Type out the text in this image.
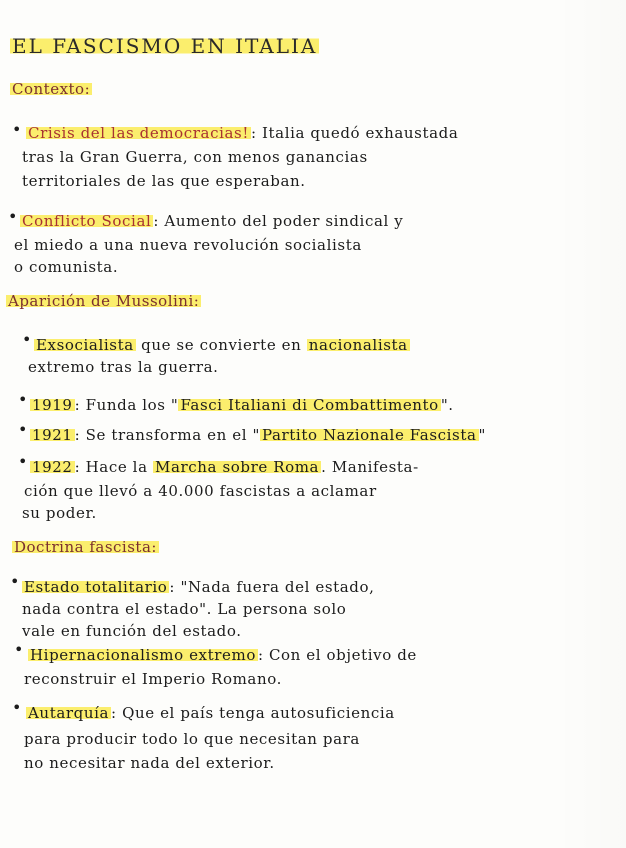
EL FASCISMO EN ITALIA
Contexto:
• Crisis del las democracias! : Italia quedó exhaustada
tras la Gran Guerra, con menos ganancias
territoriales de las que esperaban.
• Conflicto Social : Aumento del poder sindical y
el miedo a una nueva revolución socialista
o comunista.
Aparición de Mussolini:
• Exsocialista que se convierte en nacionalista
extremo tras la guerra.
• 1919 : Funda los " Fasci Italiani di Combattimento ".
• 1921 : Se transforma en el " Partito Nazionale Fascista "
• 1922 : Hace la Marcha sobre Roma . Manifesta-
ción que llevó a 40.000 fascistas a aclamar
su poder.
Doctrina fascista:
• Estado totalitario : "Nada fuera del estado,
nada contra el estado". La persona solo
vale en función del estado.
• Hipernacionalismo extremo : Con el objetivo de
reconstruir el Imperio Romano.
• Autarquía : Que el país tenga autosuficiencia
para producir todo lo que necesitan para
no necesitar nada del exterior.
